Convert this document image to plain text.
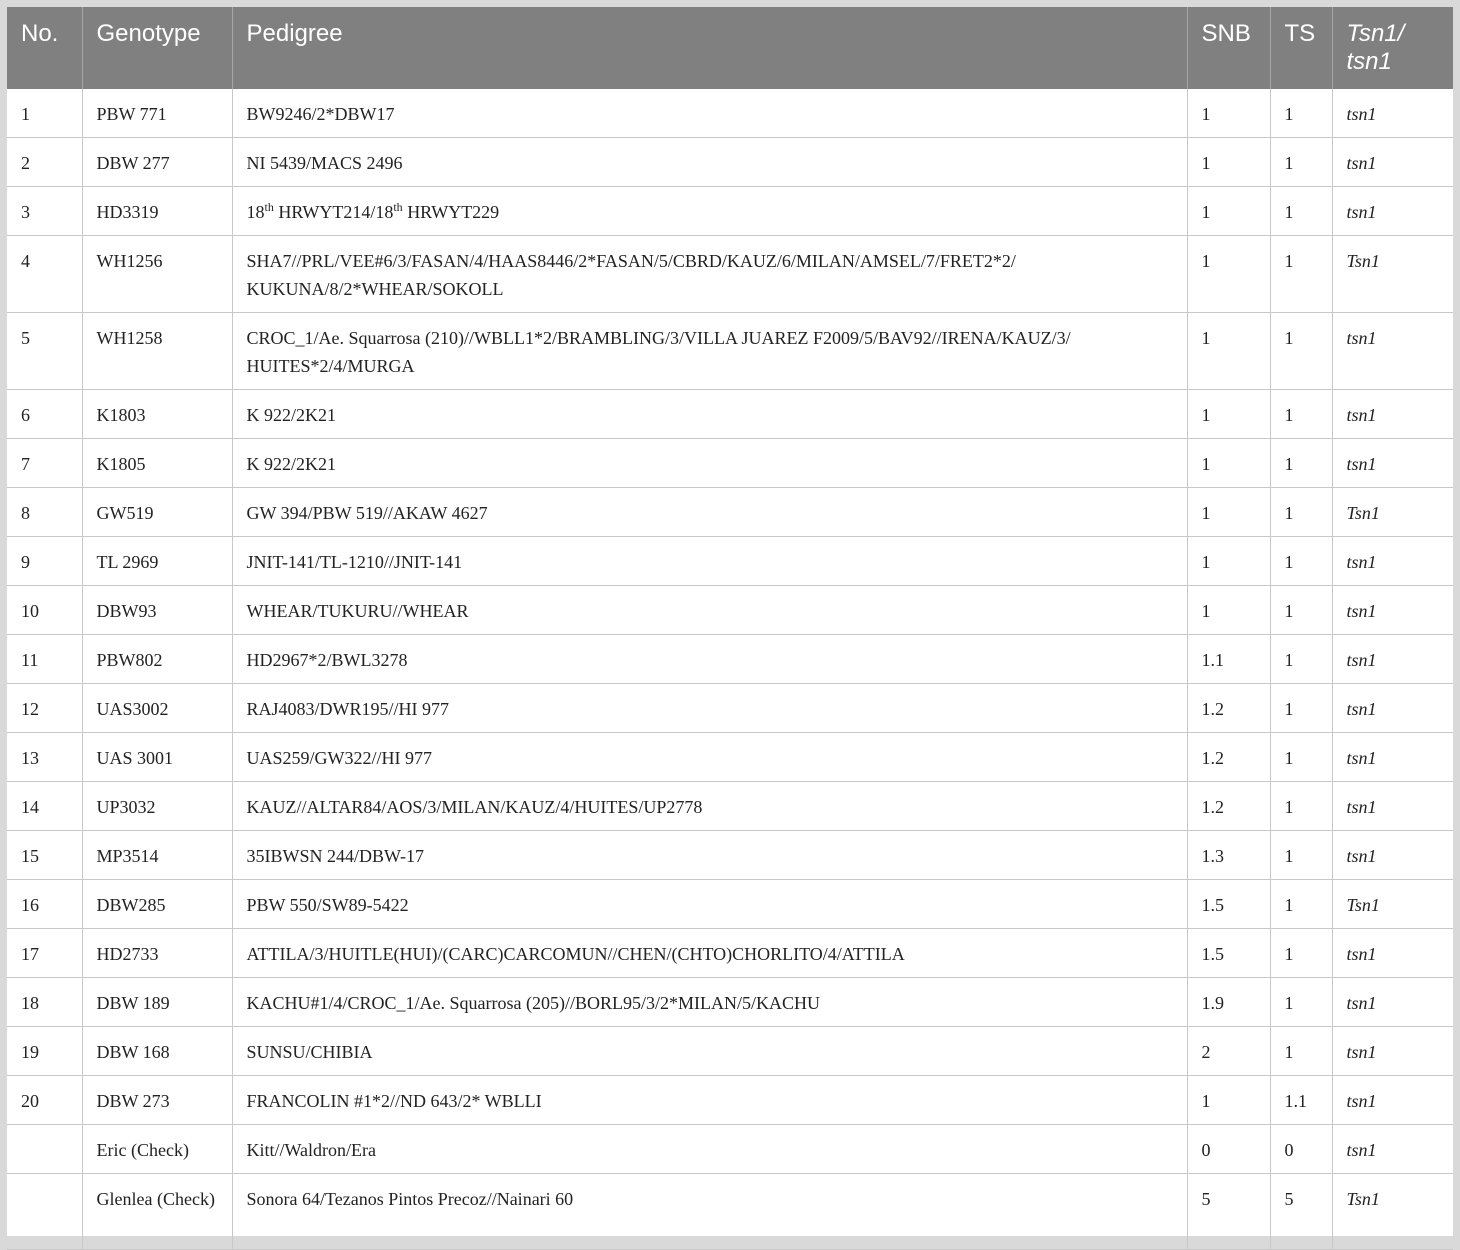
No.	Genotype	Pedigree	SNB	TS	Tsn1/ tsn1
1	PBW 771	BW9246/2*DBW17	1	1	tsn1
2	DBW 277	NI 5439/MACS 2496	1	1	tsn1
3	HD3319	18th HRWYT214/18th HRWYT229	1	1	tsn1
4	WH1256	SHA7//PRL/VEE#6/3/FASAN/4/HAAS8446/2*FASAN/5/CBRD/KAUZ/6/MILAN/AMSEL/7/FRET2*2/ KUKUNA/8/2*WHEAR/SOKOLL	1	1	Tsn1
5	WH1258	CROC_1/Ae. Squarrosa (210)//WBLL1*2/BRAMBLING/3/VILLA JUAREZ F2009/5/BAV92//IRENA/KAUZ/3/ HUITES*2/4/MURGA	1	1	tsn1
6	K1803	K 922/2K21	1	1	tsn1
7	K1805	K 922/2K21	1	1	tsn1
8	GW519	GW 394/PBW 519//AKAW 4627	1	1	Tsn1
9	TL 2969	JNIT-141/TL-1210//JNIT-141	1	1	tsn1
10	DBW93	WHEAR/TUKURU//WHEAR	1	1	tsn1
11	PBW802	HD2967*2/BWL3278	1.1	1	tsn1
12	UAS3002	RAJ4083/DWR195//HI 977	1.2	1	tsn1
13	UAS 3001	UAS259/GW322//HI 977	1.2	1	tsn1
14	UP3032	KAUZ//ALTAR84/AOS/3/MILAN/KAUZ/4/HUITES/UP2778	1.2	1	tsn1
15	MP3514	35IBWSN 244/DBW-17	1.3	1	tsn1
16	DBW285	PBW 550/SW89-5422	1.5	1	Tsn1
17	HD2733	ATTILA/3/HUITLE(HUI)/(CARC)CARCOMUN//CHEN/(CHTO)CHORLITO/4/ATTILA	1.5	1	tsn1
18	DBW 189	KACHU#1/4/CROC_1/Ae. Squarrosa (205)//BORL95/3/2*MILAN/5/KACHU	1.9	1	tsn1
19	DBW 168	SUNSU/CHIBIA	2	1	tsn1
20	DBW 273	FRANCOLIN #1*2//ND 643/2* WBLLI	1	1.1	tsn1
	Eric (Check)	Kitt//Waldron/Era	0	0	tsn1
	Glenlea (Check)	Sonora 64/Tezanos Pintos Precoz//Nainari 60	5	5	Tsn1
